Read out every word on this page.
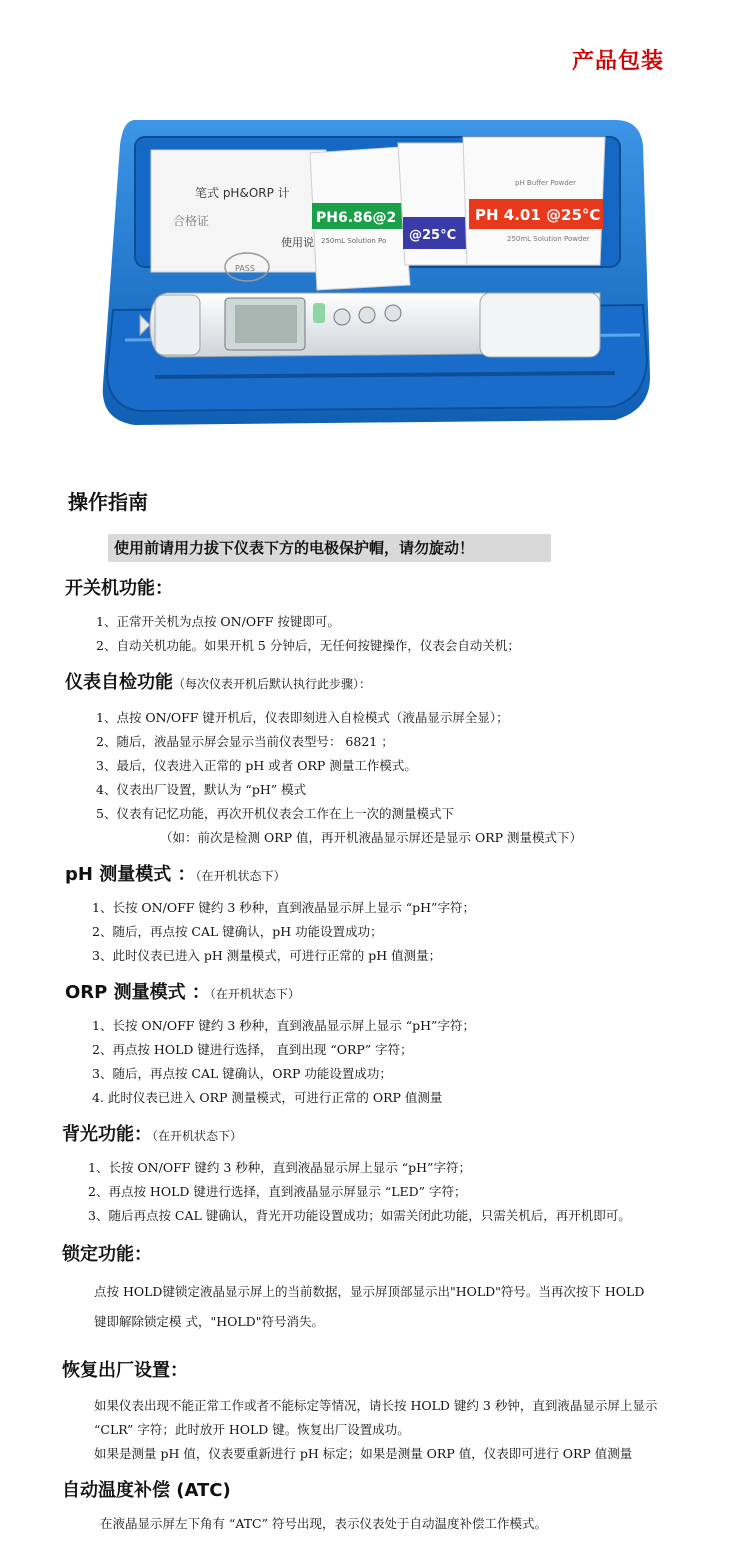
产品包装
笔式 pH&ORP 计
合格证
使用说
PASS
PH6.86@2
250mL Solution Po @25°C
pH Buffer Powder
PH 4.01 @25°C
250mL Solution Powder
操作指南
使用前请用力拔下仪表下方的电极保护帽，请勿旋动！
开关机功能：
1、正常开关机为点按 ON/OFF 按键即可。
2、自动关机功能。如果开机 5 分钟后，无任何按键操作，仪表会自动关机；
仪表自检功能（每次仪表开机后默认执行此步骤）：
1、点按 ON/OFF 键开机后，仪表即刻进入自检模式（液晶显示屏全显）；
2、随后，液晶显示屏会显示当前仪表型号： 6821 ；
3、最后，仪表进入正常的 pH 或者 ORP 测量工作模式。
4、仪表出厂设置，默认为 “pH” 模式
5、仪表有记忆功能，再次开机仪表会工作在上一次的测量模式下
（如：前次是检测 ORP 值，再开机液晶显示屏还是显示 ORP 测量模式下）
pH 测量模式 ：（在开机状态下）
1、长按 ON/OFF 键约 3 秒种，直到液晶显示屏上显示 “pH”字符；
2、随后，再点按 CAL 键确认，pH 功能设置成功；
3、此时仪表已进入 pH 测量模式，可进行正常的 pH 值测量；
ORP 测量模式 ：（在开机状态下）
1、长按 ON/OFF 键约 3 秒种，直到液晶显示屏上显示 “pH”字符；
2、再点按 HOLD 键进行选择， 直到出现 “ORP” 字符；
3、随后，再点按 CAL 键确认，ORP 功能设置成功；
4. 此时仪表已进入 ORP 测量模式，可进行正常的 ORP 值测量
背光功能：（在开机状态下）
1、长按 ON/OFF 键约 3 秒种，直到液晶显示屏上显示 “pH”字符；
2、再点按 HOLD 键进行选择，直到液晶显示屏显示 “LED” 字符；
3、随后再点按 CAL 键确认，背光开功能设置成功；如需关闭此功能，只需关机后，再开机即可。
锁定功能：
点按 HOLD键锁定液晶显示屏上的当前数据，显示屏顶部显示出"HOLD"符号。当再次按下 HOLD
键即解除锁定模 式，"HOLD"符号消失。
恢复出厂设置：
如果仪表出现不能正常工作或者不能标定等情况，请长按 HOLD 键约 3 秒钟，直到液晶显示屏上显示
“CLR” 字符；此时放开 HOLD 键。恢复出厂设置成功。
如果是测量 pH 值，仪表要重新进行 pH 标定；如果是测量 ORP 值，仪表即可进行 ORP 值测量
自动温度补偿 (ATC)
在液晶显示屏左下角有 “ATC” 符号出现，表示仪表处于自动温度补偿工作模式。
